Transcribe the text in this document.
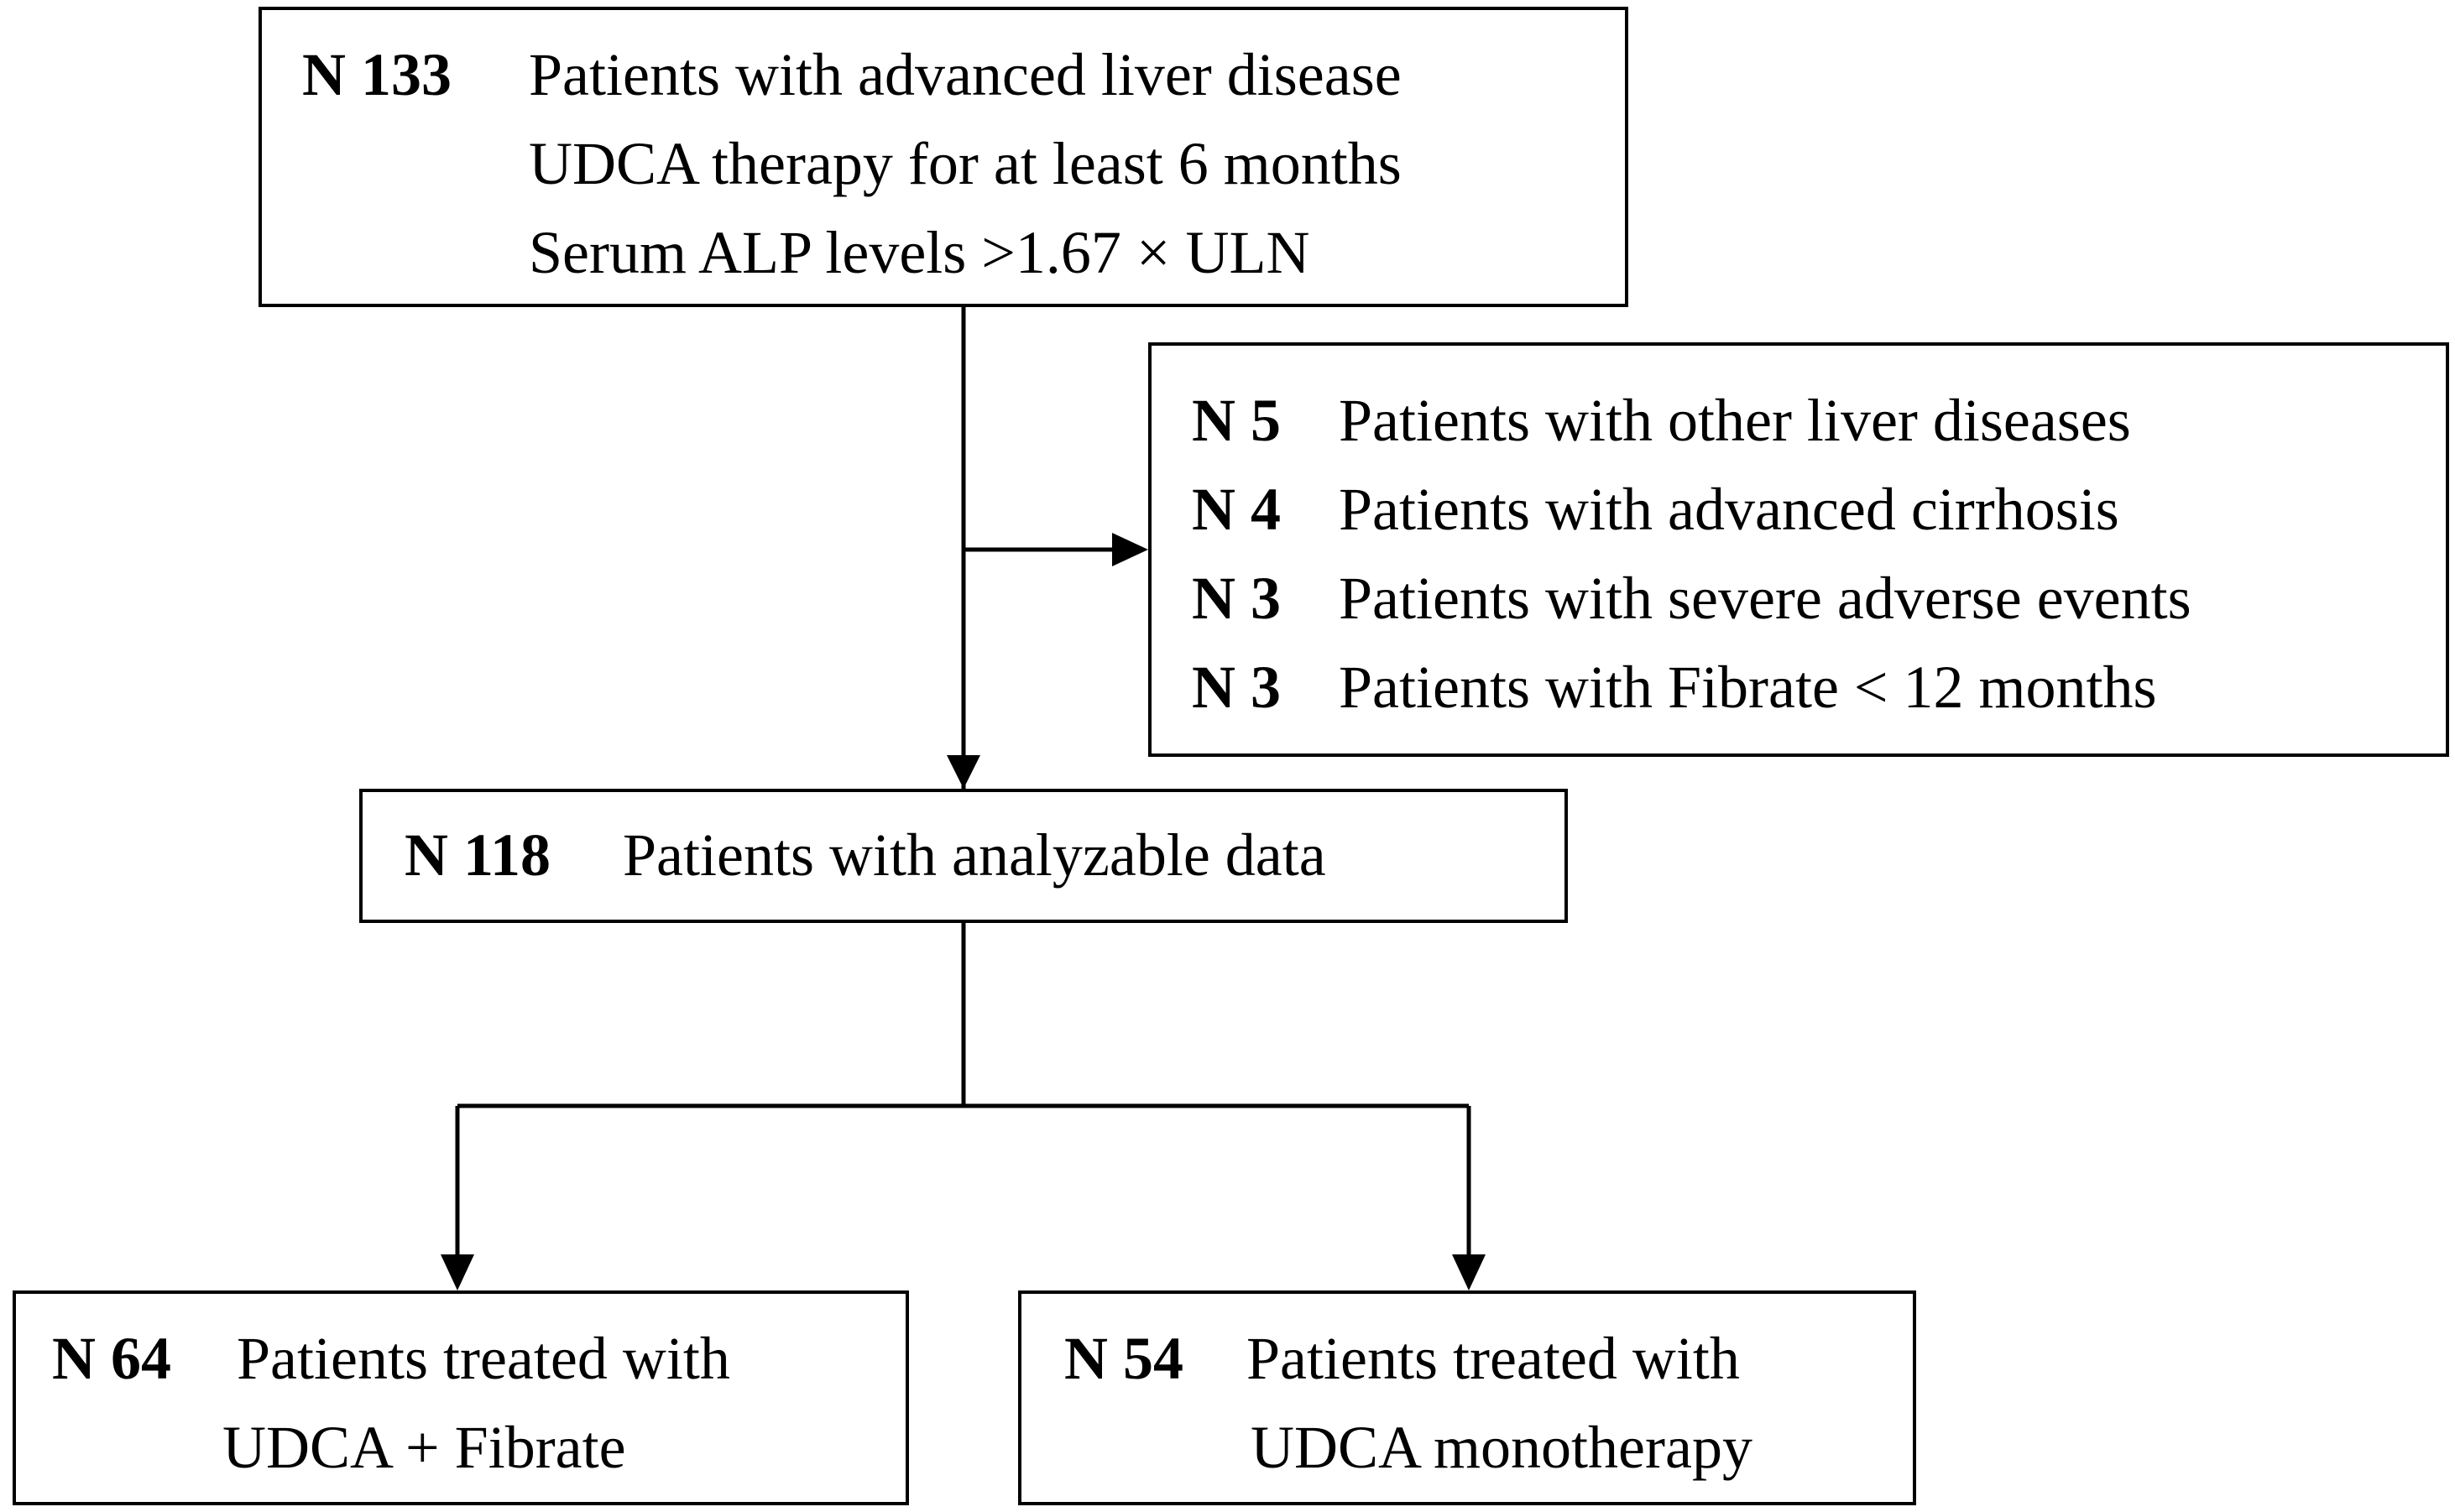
N 133 Patients with advanced liver disease
UDCA therapy for at least 6 months
Serum ALP levels >1.67 × ULN
N 5 Patients with other liver diseases
N 4 Patients with advanced cirrhosis
N 3 Patients with severe adverse events
N 3 Patients with Fibrate < 12 months
N 118 Patients with analyzable data
N 64 Patients treated with
UDCA + Fibrate
N 54 Patients treated with
UDCA monotherapy
